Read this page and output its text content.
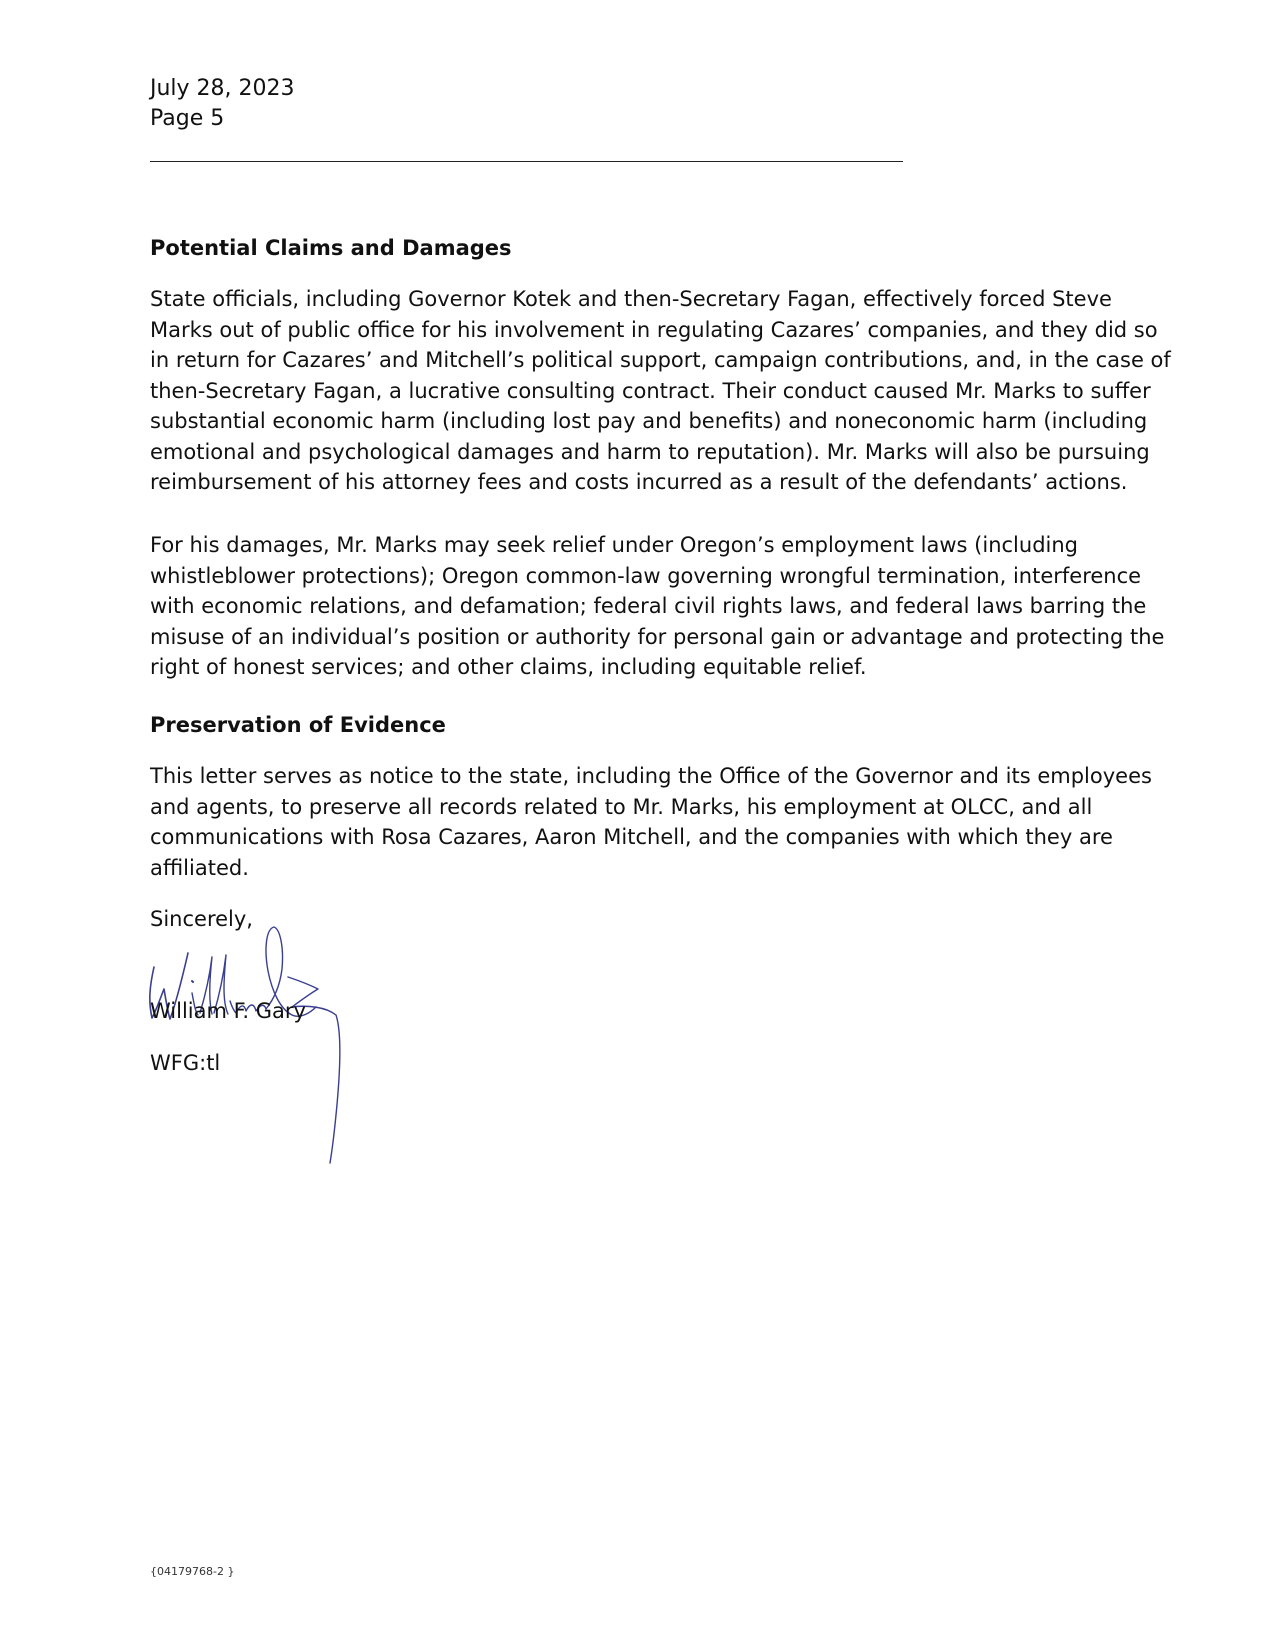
July 28, 2023
Page 5
Potential Claims and Damages
State officials, including Governor Kotek and then-Secretary Fagan, effectively forced Steve
Marks out of public office for his involvement in regulating Cazares’ companies, and they did so
in return for Cazares’ and Mitchell’s political support, campaign contributions, and, in the case of
then-Secretary Fagan, a lucrative consulting contract. Their conduct caused Mr. Marks to suffer
substantial economic harm (including lost pay and benefits) and noneconomic harm (including
emotional and psychological damages and harm to reputation). Mr. Marks will also be pursuing
reimbursement of his attorney fees and costs incurred as a result of the defendants’ actions.
For his damages, Mr. Marks may seek relief under Oregon’s employment laws (including
whistleblower protections); Oregon common-law governing wrongful termination, interference
with economic relations, and defamation; federal civil rights laws, and federal laws barring the
misuse of an individual’s position or authority for personal gain or advantage and protecting the
right of honest services; and other claims, including equitable relief.
Preservation of Evidence
This letter serves as notice to the state, including the Office of the Governor and its employees
and agents, to preserve all records related to Mr. Marks, his employment at OLCC, and all
communications with Rosa Cazares, Aaron Mitchell, and the companies with which they are
affiliated.
Sincerely,
William F. Gary
WFG:tl
{04179768-2 }
